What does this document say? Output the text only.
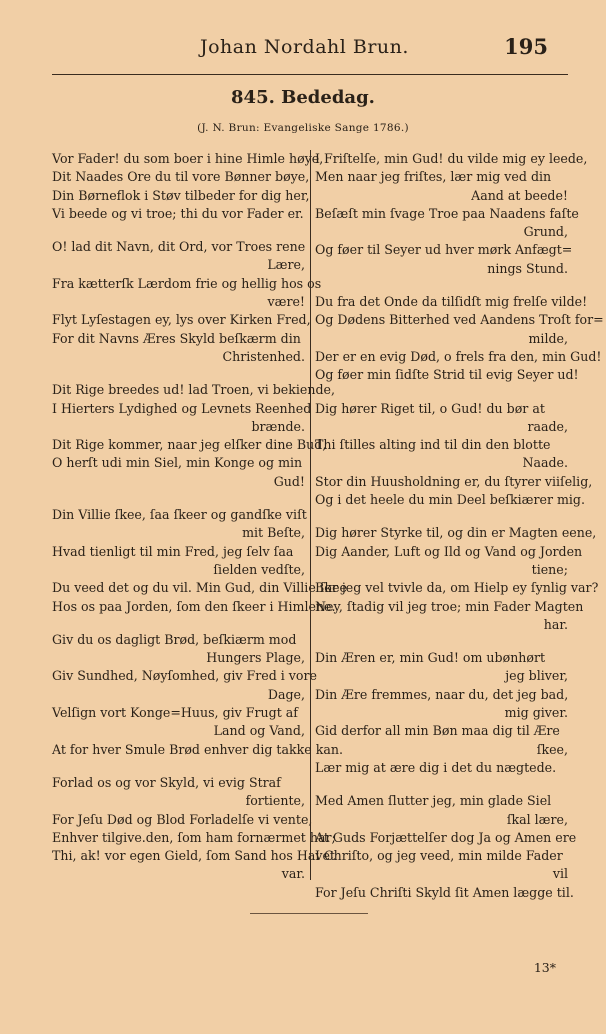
Johan Nordahl Brun.	195
845. Bededag.
(J. N. Brun: Evangeliske Sange 1786.)
Vor Fader! du som boer i hine Himle høye,
Dit Naades Ore du til vore Bønner bøye,
Din Børneflok i Støv tilbeder for dig her,
Vi beede og vi troe; thi du vor Fader er.
O! lad dit Navn, dit Ord, vor Troes rene
Lære,
Fra kætterſk Lærdom frie og hellig hos os
være!
Flyt Lyſestagen ey, lys over Kirken Fred,
For dit Navns Æres Skyld beſkærm din
Christenhed.
Dit Rige breedes ud! lad Troen, vi bekiende,
I Hierters Lydighed og Levnets Reenhed
brænde.
Dit Rige kommer, naar jeg elſker dine Bud,
O herſt udi min Siel, min Konge og min
Gud!
Din Villie ſkee, ſaa ſkeer og gandſke viſt
mit Beſte,
Hvad tienligt til min Fred, jeg ſelv ſaa
ſielden vedſte,
Du veed det og du vil. Min Gud, din Villie ſkee
Hos os paa Jorden, ſom den ſkeer i Himlene.
Giv du os dagligt Brød, beſkiærm mod
Hungers Plage,
Giv Sundhed, Nøyſomhed, giv Fred i vore
Dage,
Velſign vort Konge=Huus, giv Frugt af
Land og Vand,
At for hver Smule Brød enhver dig takke kan.
Forlad os og vor Skyld, vi evig Straf
fortiente,
For Jeſu Død og Blod Forladelſe vi vente,
Enhver tilgive.den, ſom ham fornærmet har;
Thi, ak! vor egen Gield, ſom Sand hos Havet
var.
I Friſtelſe, min Gud! du vilde mig ey leede,
Men naar jeg friſtes, lær mig ved din
Aand at beede!
Beſæſt min ſvage Troe paa Naadens faſte
Grund,
Og føer til Seyer ud hver mørk Anfægt=
nings Stund.
Du fra det Onde da tilſidſt mig frelſe vilde!
Og Dødens Bitterhed ved Aandens Troſt for=
milde,
Der er en evig Død, o frels fra den, min Gud!
Og føer min ſidſte Strid til evig Seyer ud!
Dig hører Riget til, o Gud! du bør at
raade,
Thi ſtilles alting ind til din den blotte
Naade.
Stor din Huusholdning er, du ſtyrer viiſelig,
Og i det heele du min Deel beſkiærer mig.
Dig hører Styrke til, og din er Magten eene,
Dig Aander, Luft og Ild og Vand og Jorden
tiene;
Bor jeg vel tvivle da, om Hielp ey ſynlig var?
Ney, ſtadig vil jeg troe; min Fader Magten
har.
Din Æren er, min Gud! om ubønhørt
jeg bliver,
Din Ære fremmes, naar du, det jeg bad,
mig giver.
Gid derfor all min Bøn maa dig til Ære
ſkee,
Lær mig at ære dig i det du nægtede.
Med Amen ſlutter jeg, min glade Siel
ſkal lære,
At Guds Forjættelſer dog Ja og Amen ere
I Chriſto, og jeg veed, min milde Fader
vil
For Jeſu Chriſti Skyld ſit Amen lægge til.
13*
